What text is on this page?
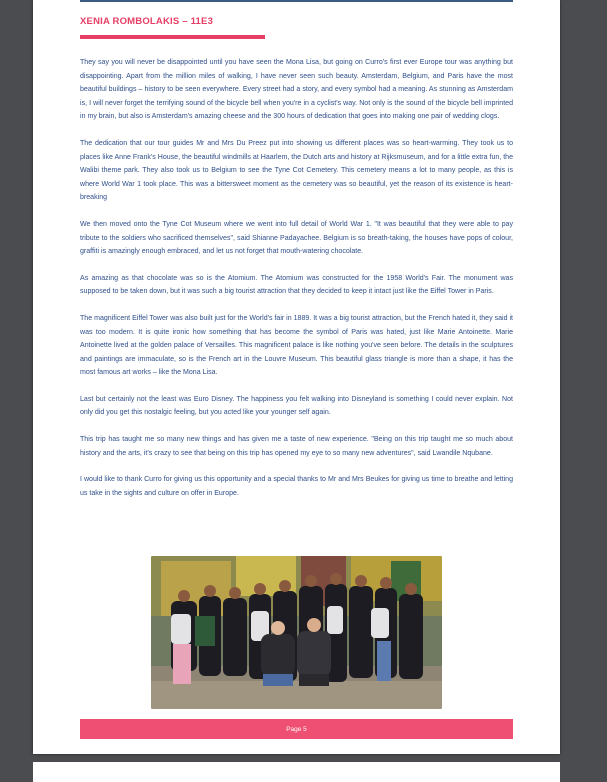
XENIA ROMBOLAKIS – 11E3

They say you will never be disappointed until you have seen the Mona Lisa, but going on Curro's first ever Europe tour was anything but disappointing. Apart from the million miles of walking, I have never seen such beauty. Amsterdam, Belgium, and Paris have the most beautiful buildings – history to be seen everywhere. Every street had a story, and every symbol had a meaning. As stunning as Amsterdam is, I will never forget the terrifying sound of the bicycle bell when you're in a cyclist's way. Not only is the sound of the bicycle bell imprinted in my brain, but also is Amsterdam's amazing cheese and the 300 hours of dedication that goes into making one pair of wedding clogs.

The dedication that our tour guides Mr and Mrs Du Preez put into showing us different places was so heart-warming. They took us to places like Anne Frank's House, the beautiful windmills at Haarlem, the Dutch arts and history at Rijksmuseum, and for a little extra fun, the Walibi theme park. They also took us to Belgium to see the Tyne Cot Cemetery. This cemetery means a lot to many people, as this is where World War 1 took place. This was a bittersweet moment as the cemetery was so beautiful, yet the reason of its existence is heart-breaking

We then moved onto the Tyne Cot Museum where we went into full detail of World War 1. "It was beautiful that they were able to pay tribute to the soldiers who sacrificed themselves", said Shianne Padayachee. Belgium is so breath-taking, the houses have pops of colour, graffiti is amazingly enough embraced, and let us not forget that mouth-watering chocolate.

As amazing as that chocolate was so is the Atomium. The Atomium was constructed for the 1958 World's Fair. The monument was supposed to be taken down, but it was such a big tourist attraction that they decided to keep it intact just like the Eiffel Tower in Paris.

The magnificent Eiffel Tower was also built just for the World's fair in 1889. It was a big tourist attraction, but the French hated it, they said it was too modern. It is quite ironic how something that has become the symbol of Paris was hated, just like Marie Antoinette. Marie Antoinette lived at the golden palace of Versailles. This magnificent palace is like nothing you've seen before. The details in the sculptures and paintings are immaculate, so is the French art in the Louvre Museum. This beautiful glass triangle is more than a shape, it has the most famous art works – like the Mona Lisa.

Last but certainly not the least was Euro Disney. The happiness you felt walking into Disneyland is something I could never explain. Not only did you get this nostalgic feeling, but you acted like your younger self again.

This trip has taught me so many new things and has given me a taste of new experience. "Being on this trip taught me so much about history and the arts, it's crazy to see that being on this trip has opened my eye to so many new adventures", said Lwandile Nqubane.

I would like to thank Curro for giving us this opportunity and a special thanks to Mr and Mrs Beukes for giving us time to breathe and letting us take in the sights and culture on offer in Europe.

Page 5
